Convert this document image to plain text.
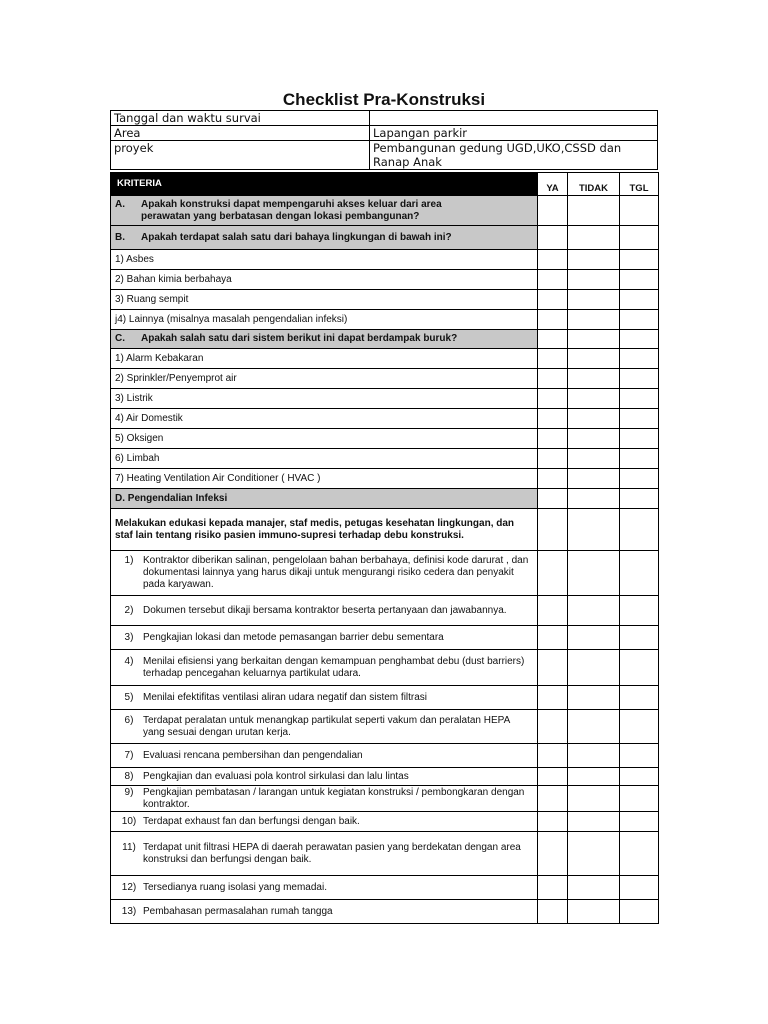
Checklist Pra-Konstruksi
Tanggal dan waktu survai	
Area	Lapangan parkir
proyek	Pembangunan gedung UGD,UKO,CSSD dan Ranap Anak
KRITERIA	YA	TIDAK	TGL

A. Apakah konstruksi dapat mempengaruhi akses keluar dari area
perawatan yang berbatasan dengan lokasi pembangunan?			

B. Apakah terdapat salah satu dari bahaya lingkungan di bawah ini?			
1) Asbes			
2) Bahan kimia berbahaya			
3) Ruang sempit			
j4) Lainnya (misalnya masalah pengendalian infeksi)			
C. Apakah salah satu dari sistem berikut ini dapat berdampak buruk?			
1) Alarm Kebakaran			
2) Sprinkler/Penyemprot air			
3) Listrik			
4) Air Domestik			
5) Oksigen			
6) Limbah			
7) Heating Ventilation Air Conditioner ( HVAC )			
D. Pengendalian Infeksi			
Melakukan edukasi kepada manajer, staf medis, petugas kesehatan lingkungan, dan staf lain tentang risiko pasien immuno-supresi terhadap debu konstruksi.			

1) Kontraktor diberikan salinan, pengelolaan bahan berbahaya, definisi kode darurat , dan dokumentasi lainnya yang harus dikaji untuk mengurangi risiko cedera dan penyakit pada karyawan.			

2) Dokumen tersebut dikaji bersama kontraktor beserta pertanyaan dan jawabannya.			

3) Pengkajian lokasi dan metode pemasangan barrier debu sementara			

4) Menilai efisiensi yang berkaitan dengan kemampuan penghambat debu (dust barriers) terhadap pencegahan keluarnya partikulat udara.			

5) Menilai efektifitas ventilasi aliran udara negatif dan sistem filtrasi			

6) Terdapat peralatan untuk menangkap partikulat seperti vakum dan peralatan HEPA yang sesuai dengan urutan kerja.			

7) Evaluasi rencana pembersihan dan pengendalian			

8) Pengkajian dan evaluasi pola kontrol sirkulasi dan lalu lintas			

9) Pengkajian pembatasan / larangan untuk kegiatan konstruksi / pembongkaran dengan kontraktor.			

10) Terdapat exhaust fan dan berfungsi dengan baik.			

11) Terdapat unit filtrasi HEPA di daerah perawatan pasien yang berdekatan dengan area konstruksi dan berfungsi dengan baik.			

12) Tersedianya ruang isolasi yang memadai.			

13) Pembahasan permasalahan rumah tangga			
